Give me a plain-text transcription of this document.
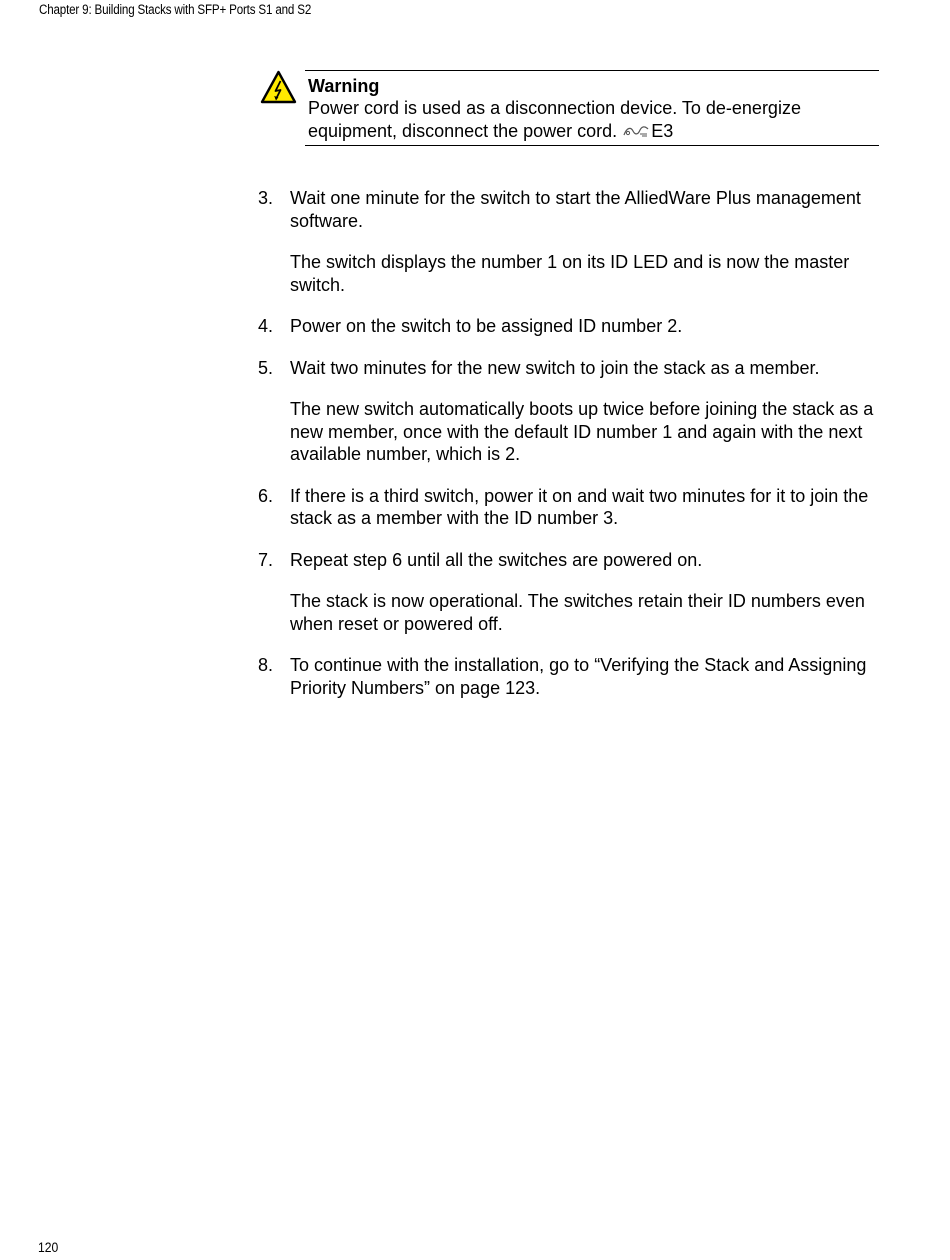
Chapter 9: Building Stacks with SFP+ Ports S1 and S2
Warning
Power cord is used as a disconnection device. To de-energize equipment, disconnect the power cord. E3
3. Wait one minute for the switch to start the AlliedWare Plus management software.
The switch displays the number 1 on its ID LED and is now the master switch.
4. Power on the switch to be assigned ID number 2.
5. Wait two minutes for the new switch to join the stack as a member.
The new switch automatically boots up twice before joining the stack as a new member, once with the default ID number 1 and again with the next available number, which is 2.
6. If there is a third switch, power it on and wait two minutes for it to join the stack as a member with the ID number 3.
7. Repeat step 6 until all the switches are powered on.
The stack is now operational. The switches retain their ID numbers even when reset or powered off.
8. To continue with the installation, go to “Verifying the Stack and Assigning Priority Numbers” on page 123.
120
